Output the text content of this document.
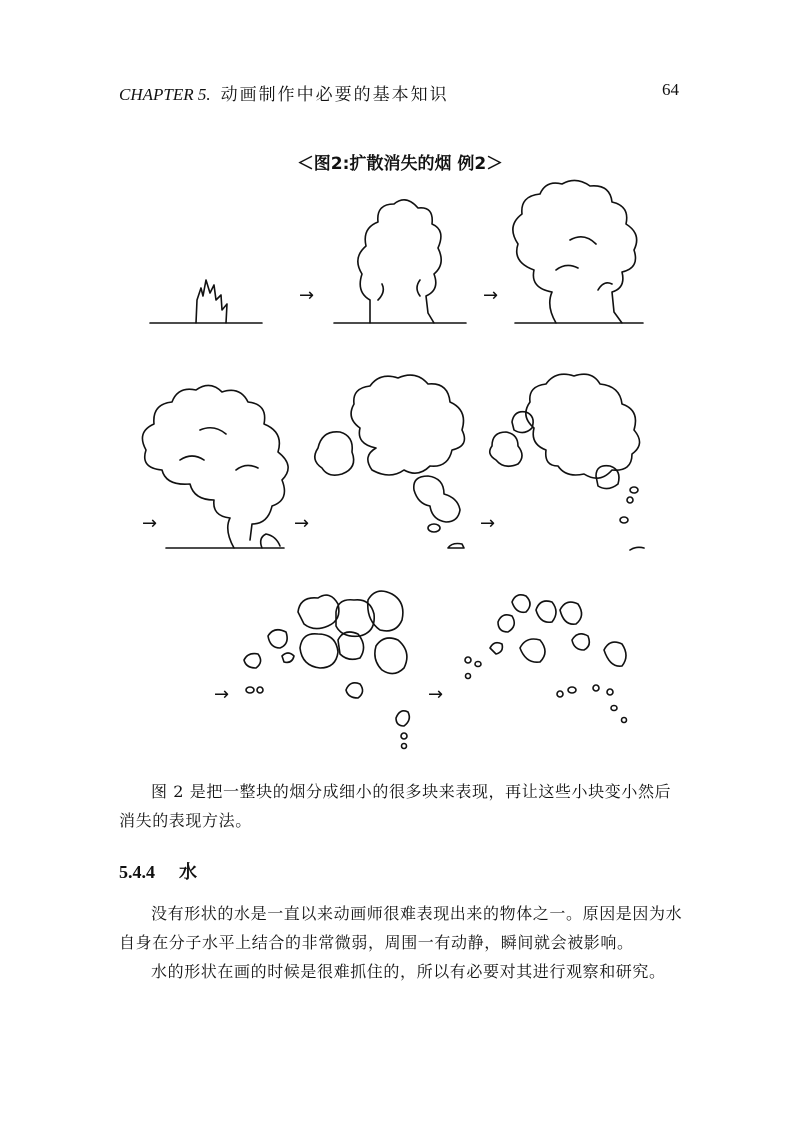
CHAPTER 5. 动画制作中必要的基本知识	64
＜图2:扩散消失的烟 例2＞
→	→
→	→	→
→	→

图 2 是把一整块的烟分成细小的很多块来表现，再让这些小块变小然后消失的表现方法。

5.4.4 水

没有形状的水是一直以来动画师很难表现出来的物体之一。原因是因为水自身在分子水平上结合的非常微弱，周围一有动静，瞬间就会被影响。

水的形状在画的时候是很难抓住的，所以有必要对其进行观察和研究。
